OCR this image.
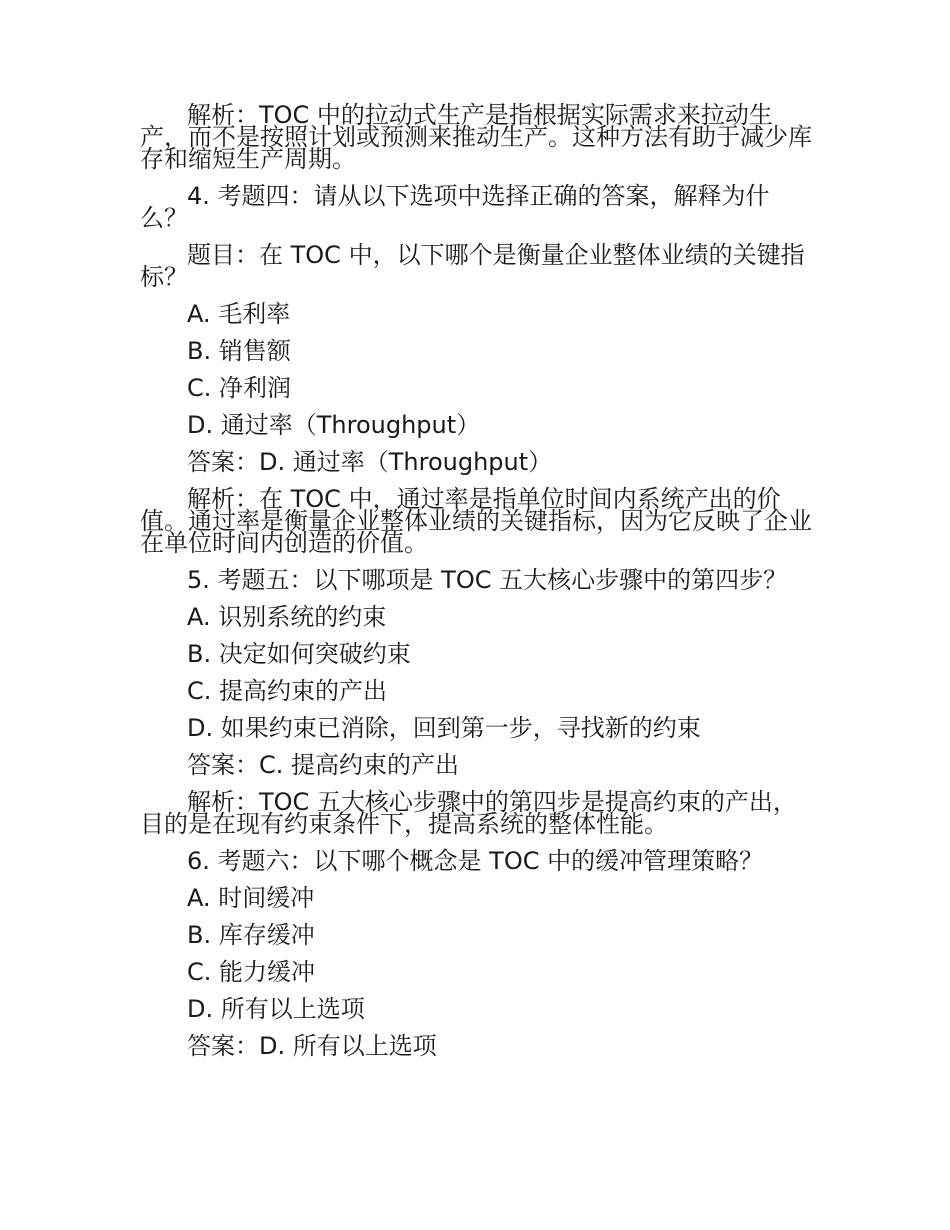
解析：TOC 中的拉动式生产是指根据实际需求来拉动生产，而不是按照计划或预测来推动生产。这种方法有助于减少库存和缩短生产周期。

4. 考题四：请从以下选项中选择正确的答案，解释为什么？

题目：在 TOC 中，以下哪个是衡量企业整体业绩的关键指标？

A. 毛利率

B. 销售额

C. 净利润

D. 通过率（Throughput）

答案：D. 通过率（Throughput）

解析：在 TOC 中，通过率是指单位时间内系统产出的价值。通过率是衡量企业整体业绩的关键指标，因为它反映了企业在单位时间内创造的价值。

5. 考题五：以下哪项是 TOC 五大核心步骤中的第四步？

A. 识别系统的约束

B. 决定如何突破约束

C. 提高约束的产出

D. 如果约束已消除，回到第一步，寻找新的约束

答案：C. 提高约束的产出

解析：TOC 五大核心步骤中的第四步是提高约束的产出，目的是在现有约束条件下，提高系统的整体性能。

6. 考题六：以下哪个概念是 TOC 中的缓冲管理策略？

A. 时间缓冲

B. 库存缓冲

C. 能力缓冲

D. 所有以上选项

答案：D. 所有以上选项
